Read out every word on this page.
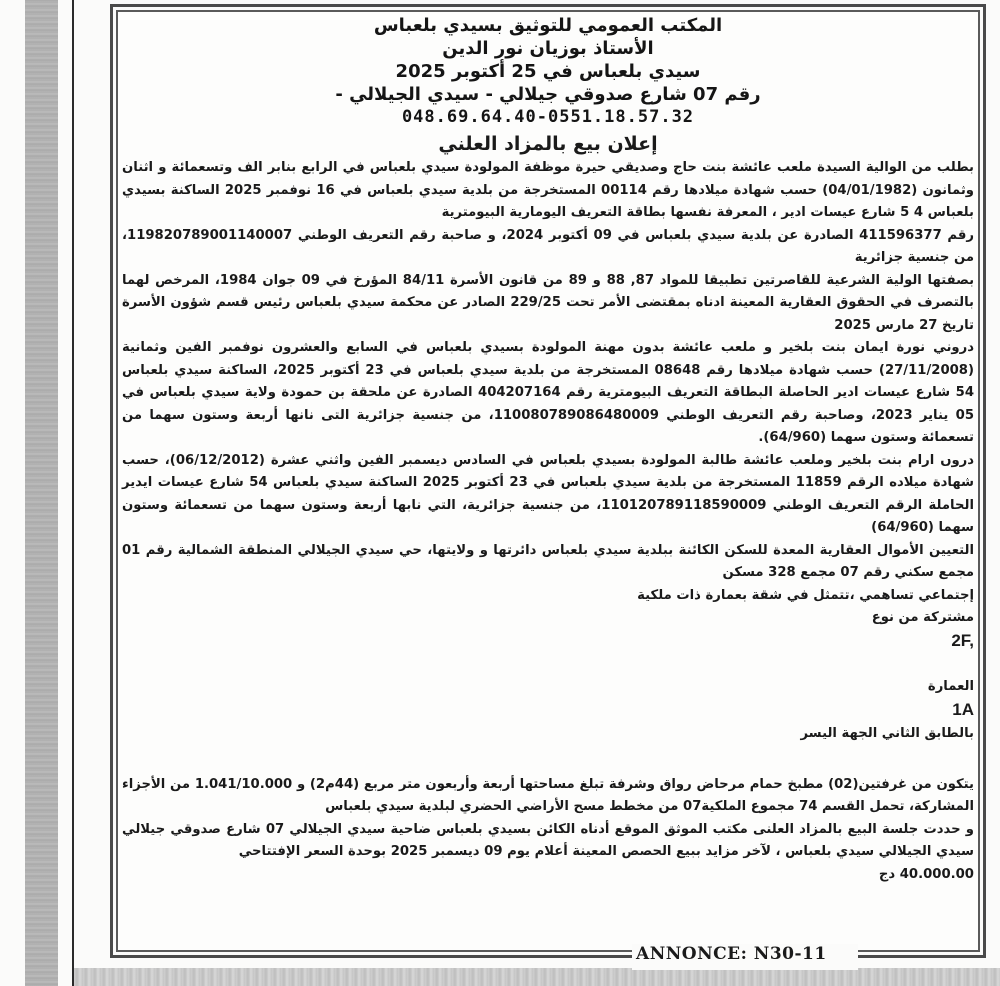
المكتب العمومي للتوثيق بسيدي بلعباس
الأستاذ بوزيان نور الدين
سيدي بلعباس في 25 أكتوبر 2025
رقم 07 شارع صدوقي جيلالي - سيدي الجيلالي -
048.69.64.40-0551.18.57.32
إعلان بيع بالمزاد العلني

بطلب من الوالية السيدة ملعب عائشة بنت حاج وصديقي حيرة موظفة المولودة سيدي بلعباس في الرابع بنابر الف وتسعمائة و اثنان وثمانون (04/01/1982) حسب شهادة ميلادها رقم 00114 المستخرجة من بلدية سيدي بلعباس في 16 نوفمبر 2025 الساكنة بسيدي بلعباس 4 5 شارع عيسات ادير ، المعرفة نفسها بطاقة التعريف اليومارية البيومترية

رقم 411596377 الصادرة عن بلدية سيدي بلعباس في 09 أكتوبر 2024، و صاحبة رقم التعريف الوطني 119820789001140007، من جنسية جزائرية

بصفتها الولية الشرعية للقاصرتين تطبيقا للمواد 87, 88 و 89 من قانون الأسرة 84/11 المؤرخ في 09 جوان 1984، المرخص لهما بالتصرف في الحقوق العقارية المعينة ادناه بمقتضى الأمر تحت 229/25 الصادر عن محكمة سيدي بلعباس رئيس قسم شؤون الأسرة تاريخ 27 مارس 2025

دروني نورة ايمان بنت بلخير و ملعب عائشة بدون مهنة المولودة بسيدي بلعباس في السابع والعشرون نوفمبر الفين وثمانية (27/11/2008) حسب شهادة ميلادها رقم 08648 المستخرجة من بلدية سيدي بلعباس في 23 أكتوبر 2025، الساكنة سيدي بلعباس 54 شارع عيسات ادير الحاصلة البطاقة التعريف البيومترية رقم 404207164 الصادرة عن ملحقة بن حمودة ولاية سيدي بلعباس في 05 يناير 2023، وصاحبة رقم التعريف الوطني 110080789086480009، من جنسية جزائرية التى نانها أربعة وستون سهما من تسعمائة وستون سهما (64/960).

دروں ارام بنت بلخير وملعب عائشة طالبة المولودة بسيدي بلعباس في السادس ديسمبر الفين واثني عشرة (06/12/2012)، حسب شهادة ميلاده الرقم 11859 المستخرجة من بلدية سيدي بلعباس في 23 أكتوبر 2025 الساكنة سيدي بلعباس 54 شارع عيسات ايدير الحاملة الرقم التعريف الوطني 110120789118590009، من جنسية جزائرية، التي نابها أربعة وستون سهما من تسعمائة وستون سهما (64/960)

التعيين الأموال العقارية المعدة للسكن الكائنة ببلدية سيدي بلعباس دائرتها و ولايتها، حي سيدي الجيلالي المنطقة الشمالية رقم 01 مجمع سكني رقم 07 مجمع 328 مسكن

إجتماعي تساهمي ،تتمثل في شقة بعمارة ذات ملكية

مشتركة من نوع

2F,

العمارة

1A

بالطابق الثاني الجهة اليسر

يتكون من غرفتين(02) مطبخ حمام مرحاض رواق وشرفة تبلغ مساحتها أربعة وأربعون متر مربع (44م2) و 1.041/10.000 من الأجزاء المشاركة، تحمل القسم 74 مجموع الملكية07 من مخطط مسح الأراضي الحضري لبلدية سيدي بلعباس

و حددت جلسة البيع بالمزاد العلنى مكتب الموثق الموقع أدناه الكائن بسيدي بلعباس ضاحية سيدي الجيلالي 07 شارع صدوقي جيلالي سيدي الجيلالي سيدي بلعباس ، لآخر مزايد ببيع الحصص المعينة أعلام يوم 09 ديسمبر 2025 بوحدة السعر الإفتتاحي

40.000.00 دج

ANNONCE: N30-11
